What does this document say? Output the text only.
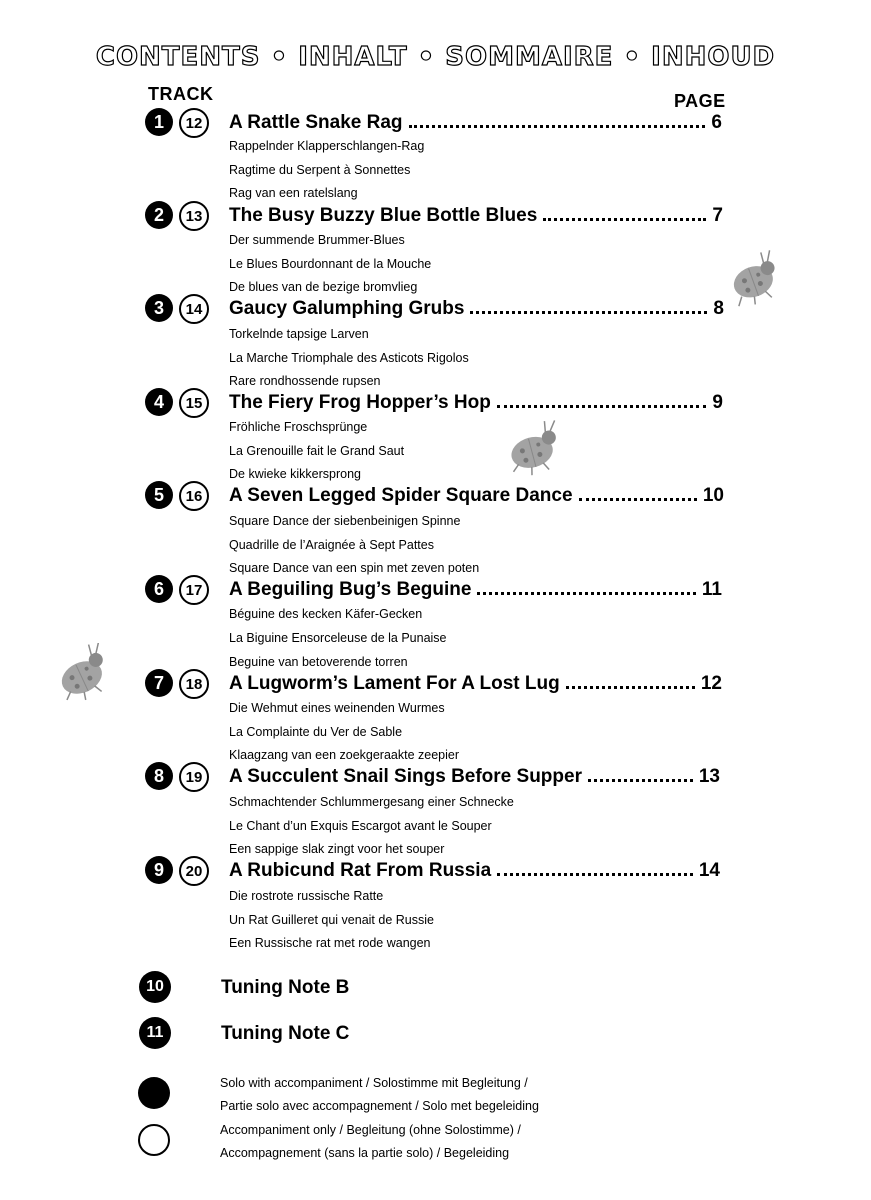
CONTENTS • INHALT • SOMMAIRE • INHOUD
TRACK	PAGE
1	12	A Rattle Snake Rag	6
Rappelnder Klapperschlangen-Rag
Ragtime du Serpent à Sonnettes
Rag van een ratelslang
2	13	The Busy Buzzy Blue Bottle Blues	7
Der summende Brummer-Blues
Le Blues Bourdonnant de la Mouche
De blues van de bezige bromvlieg
3	14	Gaucy Galumphing Grubs	8
Torkelnde tapsige Larven
La Marche Triomphale des Asticots Rigolos
Rare rondhossende rupsen
4	15	The Fiery Frog Hopper’s Hop	9
Fröhliche Froschsprünge
La Grenouille fait le Grand Saut
De kwieke kikkersprong
5	16	A Seven Legged Spider Square Dance	10
Square Dance der siebenbeinigen Spinne
Quadrille de l’Araignée à Sept Pattes
Square Dance van een spin met zeven poten
6	17	A Beguiling Bug’s Beguine	11
Béguine des kecken Käfer-Gecken
La Biguine Ensorceleuse de la Punaise
Beguine van betoverende torren
7	18	A Lugworm’s Lament For A Lost Lug	12
Die Wehmut eines weinenden Wurmes
La Complainte du Ver de Sable
Klaagzang van een zoekgeraakte zeepier
8	19	A Succulent Snail Sings Before Supper	13
Schmachtender Schlummergesang einer Schnecke
Le Chant d’un Exquis Escargot avant le Souper
Een sappige slak zingt voor het souper
9	20	A Rubicund Rat From Russia	14
Die rostrote russische Ratte
Un Rat Guilleret qui venait de Russie
Een Russische rat met rode wangen
10	Tuning Note B
11	Tuning Note C
Solo with accompaniment / Solostimme mit Begleitung /
Partie solo avec accompagnement / Solo met begeleiding
Accompaniment only / Begleitung (ohne Solostimme) /
Accompagnement (sans la partie solo) / Begeleiding
